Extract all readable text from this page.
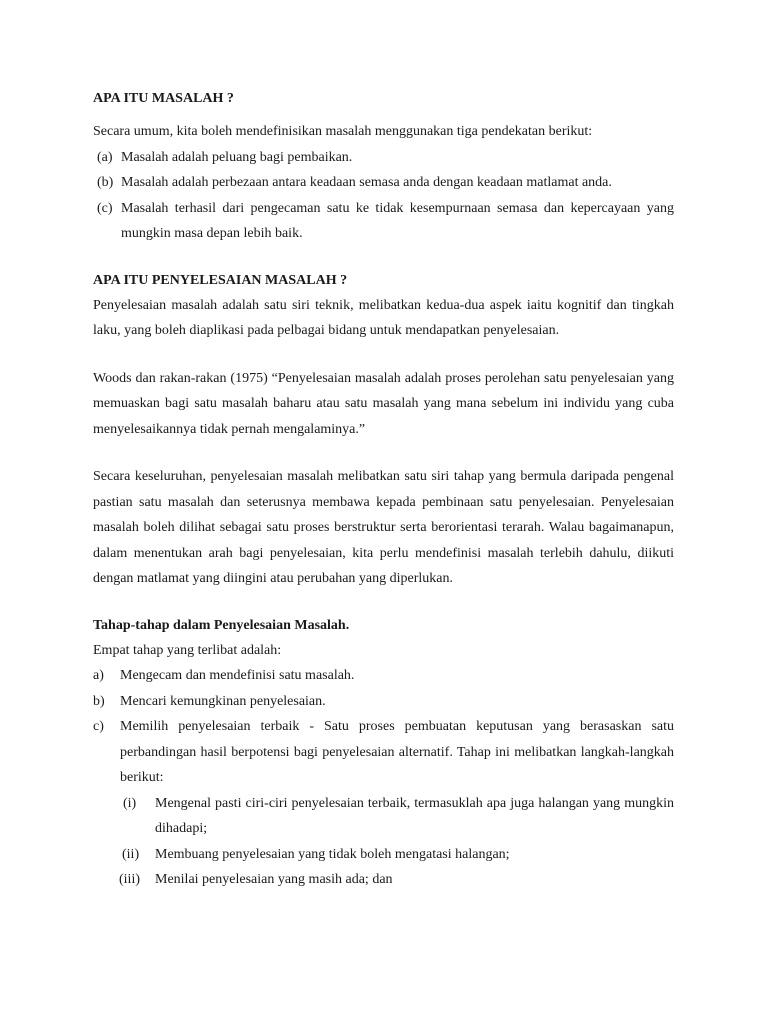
APA ITU MASALAH ?

Secara umum, kita boleh mendefinisikan masalah menggunakan tiga pendekatan berikut:

(a) Masalah adalah peluang bagi pembaikan.
(b) Masalah adalah perbezaan antara keadaan semasa anda dengan keadaan matlamat anda.
(c) Masalah terhasil dari pengecaman satu ke tidak kesempurnaan semasa dan kepercayaan yang mungkin masa depan lebih baik.
APA ITU PENYELESAIAN MASALAH ?

Penyelesaian masalah adalah satu siri teknik, melibatkan kedua-dua aspek iaitu kognitif dan tingkah laku, yang boleh diaplikasi pada pelbagai bidang untuk mendapatkan penyelesaian.

Woods dan rakan-rakan (1975) “Penyelesaian masalah adalah proses perolehan satu penyelesaian yang memuaskan bagi satu masalah baharu atau satu masalah yang mana sebelum ini individu yang cuba menyelesaikannya tidak pernah mengalaminya.”

Secara keseluruhan, penyelesaian masalah melibatkan satu siri tahap yang bermula daripada pengenal pastian satu masalah dan seterusnya membawa kepada pembinaan satu penyelesaian. Penyelesaian masalah boleh dilihat sebagai satu proses berstruktur serta berorientasi terarah. Walau bagaimanapun, dalam menentukan arah bagi penyelesaian, kita perlu mendefinisi masalah terlebih dahulu, diikuti dengan matlamat yang diingini atau perubahan yang diperlukan.

Tahap-tahap dalam Penyelesaian Masalah.

Empat tahap yang terlibat adalah:

a) Mengecam dan mendefinisi satu masalah.
b) Mencari kemungkinan penyelesaian.
c) Memilih penyelesaian terbaik - Satu proses pembuatan keputusan yang berasaskan satu perbandingan hasil berpotensi bagi penyelesaian alternatif. Tahap ini melibatkan langkah-langkah berikut:
(i) Mengenal pasti ciri-ciri penyelesaian terbaik, termasuklah apa juga halangan yang mungkin dihadapi;
(ii) Membuang penyelesaian yang tidak boleh mengatasi halangan;
(iii) Menilai penyelesaian yang masih ada; dan
